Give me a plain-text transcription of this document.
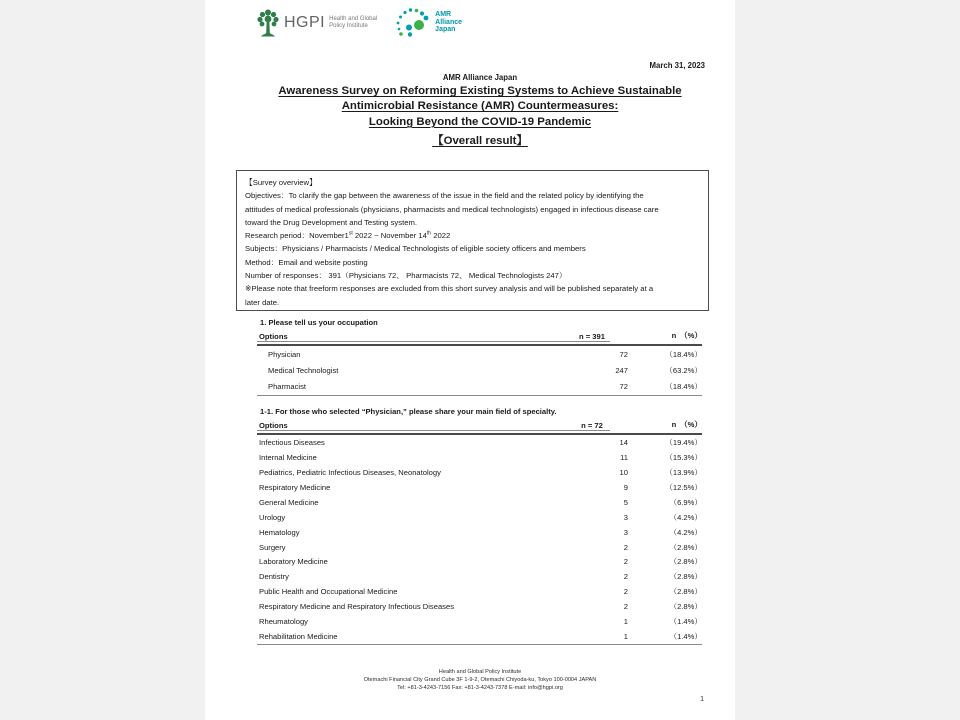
HGPI Health and Global
Policy Institute
AMR
Alliance
Japan
March 31, 2023
AMR Alliance Japan
Awareness Survey on Reforming Existing Systems to Achieve Sustainable
Antimicrobial Resistance (AMR) Countermeasures:
Looking Beyond the COVID-19 Pandemic
【Overall result】
【Survey overview】
Objectives：To clarify the gap between the awareness of the issue in the field and the related policy by identifying the
attitudes of medical professionals (physicians, pharmacists and medical technologists) engaged in infectious disease care
toward the Drug Development and Testing system.
Research period：November1st 2022 ~ November 14th 2022
Subjects：Physicians / Pharmacists / Medical Technologists of eligible society officers and members
Method：Email and website posting
Number of responses： 391（Physicians 72、 Pharmacists 72、 Medical Technologists 247）
※Please note that freeform responses are excluded from this short survey analysis and will be published separately at a
later date.
1. Please tell us your occupation
Options	n = 391	n　（%）
Physician	72	（18.4%）
Medical Technologist	247	（63.2%）
Pharmacist	72	（18.4%）
1-1. For those who selected “Physician,” please share your main field of specialty.
Options	n = 72	n　（%）
Infectious Diseases	14	（19.4%）
Internal Medicine	11	（15.3%）
Pediatrics, Pediatric Infectious Diseases, Neonatology	10	（13.9%）
Respiratory Medicine	9	（12.5%）
General Medicine	5	（6.9%）
Urology	3	（4.2%）
Hematology	3	（4.2%）
Surgery	2	（2.8%）
Laboratory Medicine	2	（2.8%）
Dentistry	2	（2.8%）
Public Health and Occupational Medicine	2	（2.8%）
Respiratory Medicine and Respiratory Infectious Diseases	2	（2.8%）
Rheumatology	1	（1.4%）
Rehabilitation Medicine	1	（1.4%）
Health and Global Policy Institute
Otemachi Financial City Grand Cube 3F 1-9-2, Otemachi Chiyoda-ku, Tokyo 100-0004 JAPAN
Tel: +81-3-4243-7156 Fax: +81-3-4243-7378 E-mail: info@hgpi.org
1
